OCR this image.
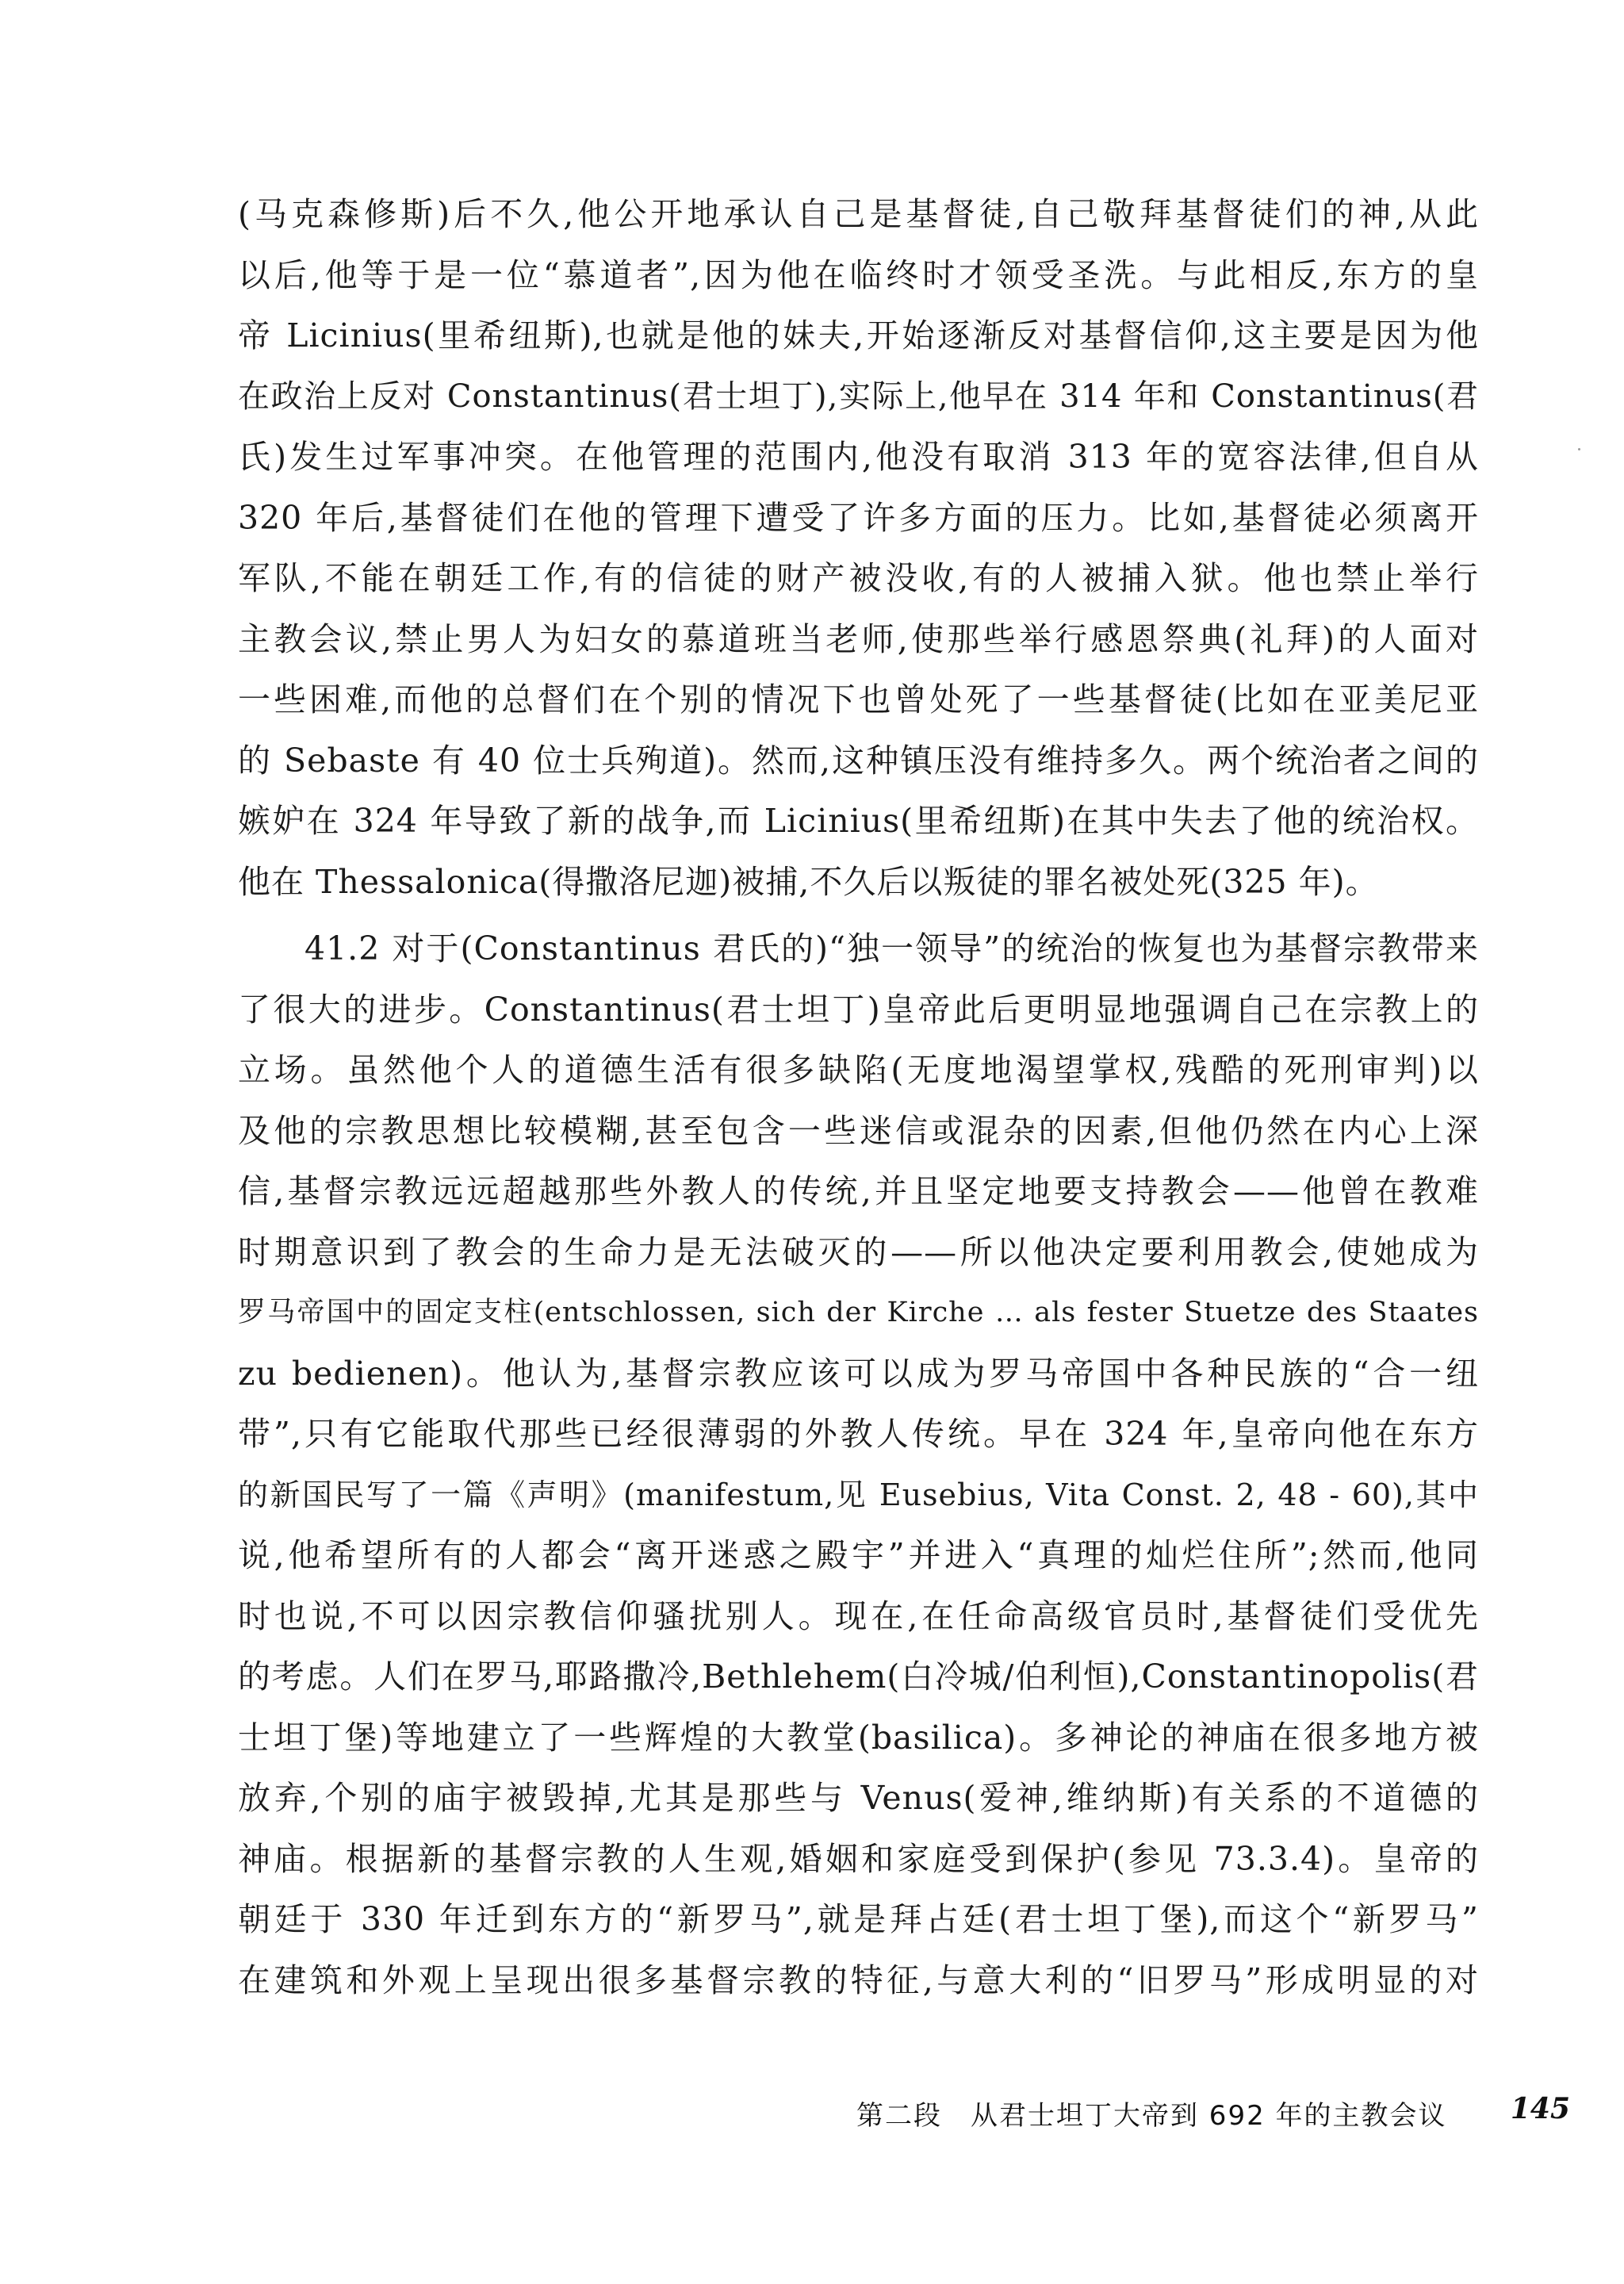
(马克森修斯)后不久,他公开地承认自己是基督徒,自己敬拜基督徒们的神,从此
以后,他等于是一位“慕道者”,因为他在临终时才领受圣洗。与此相反,东方的皇
帝 Licinius(里希纽斯),也就是他的妹夫,开始逐渐反对基督信仰,这主要是因为他
在政治上反对 Constantinus(君士坦丁),实际上,他早在 314 年和 Constantinus(君
氏)发生过军事冲突。在他管理的范围内,他没有取消 313 年的宽容法律,但自从
320 年后,基督徒们在他的管理下遭受了许多方面的压力。比如,基督徒必须离开
军队,不能在朝廷工作,有的信徒的财产被没收,有的人被捕入狱。他也禁止举行
主教会议,禁止男人为妇女的慕道班当老师,使那些举行感恩祭典(礼拜)的人面对
一些困难,而他的总督们在个别的情况下也曾处死了一些基督徒(比如在亚美尼亚
的 Sebaste 有 40 位士兵殉道)。然而,这种镇压没有维持多久。两个统治者之间的
嫉妒在 324 年导致了新的战争,而 Licinius(里希纽斯)在其中失去了他的统治权。
他在 Thessalonica(得撒洛尼迦)被捕,不久后以叛徒的罪名被处死(325 年)。
41.2 对于(Constantinus 君氏的)“独一领导”的统治的恢复也为基督宗教带来
了很大的进步。Constantinus(君士坦丁)皇帝此后更明显地强调自己在宗教上的
立场。虽然他个人的道德生活有很多缺陷(无度地渴望掌权,残酷的死刑审判)以
及他的宗教思想比较模糊,甚至包含一些迷信或混杂的因素,但他仍然在内心上深
信,基督宗教远远超越那些外教人的传统,并且坚定地要支持教会——他曾在教难
时期意识到了教会的生命力是无法破灭的——所以他决定要利用教会,使她成为
罗马帝国中的固定支柱(entschlossen, sich der Kirche … als fester Stuetze des Staates
zu bedienen)。他认为,基督宗教应该可以成为罗马帝国中各种民族的“合一纽
带”,只有它能取代那些已经很薄弱的外教人传统。早在 324 年,皇帝向他在东方
的新国民写了一篇《声明》(manifestum,见 Eusebius, Vita Const. 2, 48 - 60),其中
说,他希望所有的人都会“离开迷惑之殿宇”并进入“真理的灿烂住所”;然而,他同
时也说,不可以因宗教信仰骚扰别人。现在,在任命高级官员时,基督徒们受优先
的考虑。人们在罗马,耶路撒冷,Bethlehem(白冷城/伯利恒),Constantinopolis(君
士坦丁堡)等地建立了一些辉煌的大教堂(basilica)。多神论的神庙在很多地方被
放弃,个别的庙宇被毁掉,尤其是那些与 Venus(爱神,维纳斯)有关系的不道德的
神庙。根据新的基督宗教的人生观,婚姻和家庭受到保护(参见 73.3.4)。皇帝的
朝廷于 330 年迁到东方的“新罗马”,就是拜占廷(君士坦丁堡),而这个“新罗马”
在建筑和外观上呈现出很多基督宗教的特征,与意大利的“旧罗马”形成明显的对
第二段　从君士坦丁大帝到 692 年的主教会议 145
